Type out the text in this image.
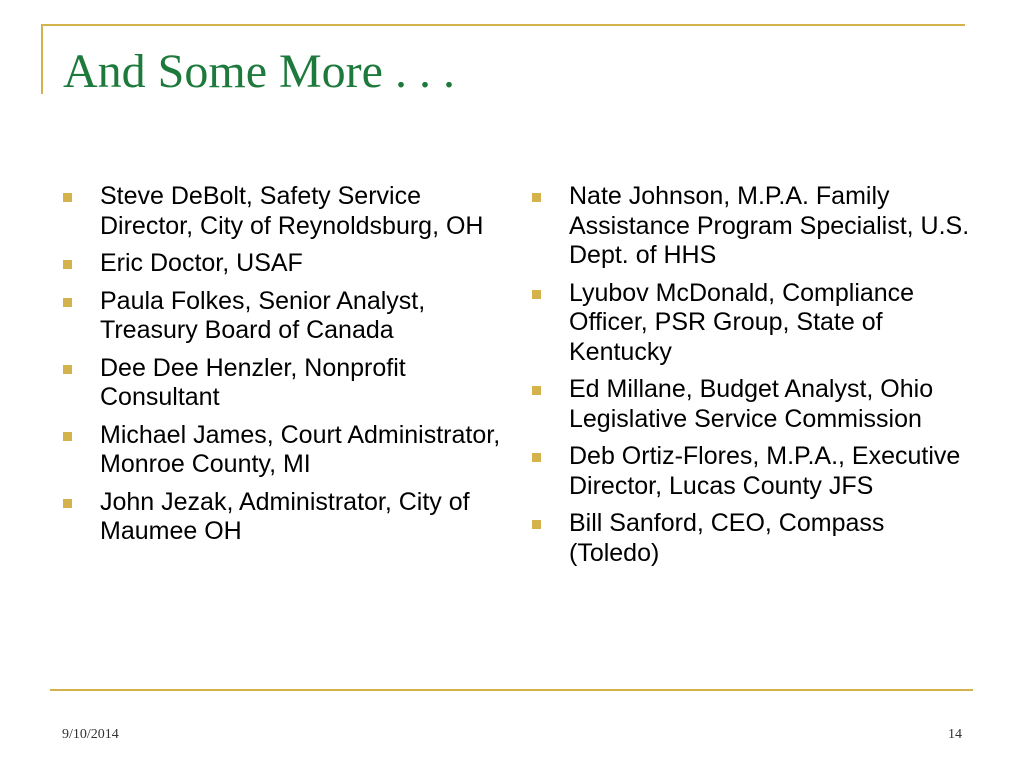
And Some More . . .
Steve DeBolt, Safety Service Director, City of Reynoldsburg, OH
Eric Doctor, USAF
Paula Folkes, Senior Analyst, Treasury Board of Canada
Dee Dee Henzler, Nonprofit Consultant
Michael James, Court Administrator, Monroe County, MI
John Jezak, Administrator, City of Maumee OH
Nate Johnson, M.P.A. Family Assistance Program Specialist, U.S. Dept. of HHS
Lyubov McDonald, Compliance Officer, PSR Group, State of Kentucky
Ed Millane, Budget Analyst, Ohio Legislative Service Commission
Deb Ortiz-Flores, M.P.A., Executive Director, Lucas County JFS
Bill Sanford, CEO, Compass (Toledo)
9/10/2014	14
